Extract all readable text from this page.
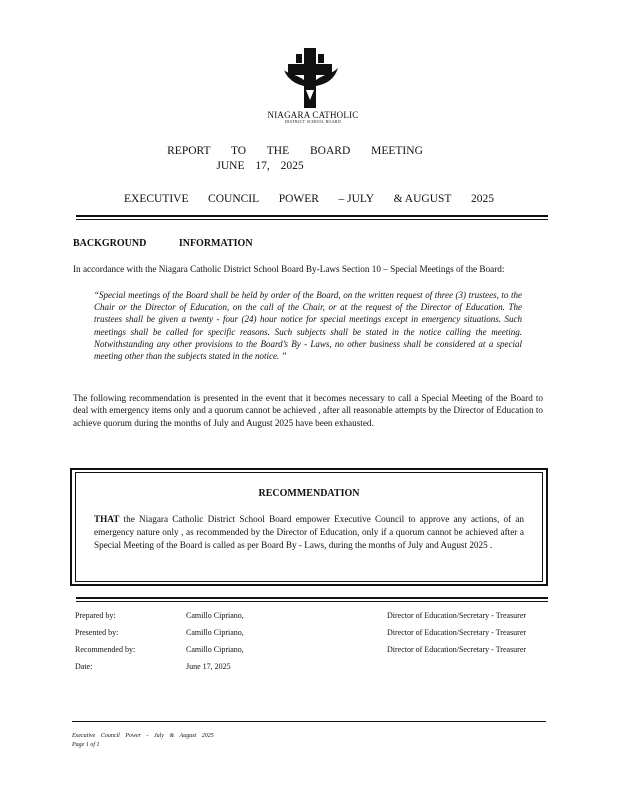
NIAGARA CATHOLIC
DISTRICT SCHOOL BOARD
REPORT TO THE BOARD MEETING
JUNE 17, 2025
EXECUTIVE COUNCIL POWER – JULY & AUGUST 2025
BACKGROUND INFORMATION
In accordance with the Niagara Catholic District School Board By-Laws Section 10 – Special Meetings of the Board:
“Special meetings of the Board shall be held by order of the Board, on the written request of three (3) trustees, to the Chair or the Director of Education, on the call of the Chair, or at the request of the Director of Education. The trustees shall be given a twenty - four (24) hour notice for special meetings except in emergency situations. Such meetings shall be called for specific reasons. Such subjects shall be stated in the notice calling the meeting. Notwithstanding any other provisions to the Board’s By - Laws, no other business shall be considered at a special meeting other than the subjects stated in the notice. ”
The following recommendation is presented in the event that it becomes necessary to call a Special Meeting of the Board to deal with emergency items only and a quorum cannot be achieved , after all reasonable attempts by the Director of Education to achieve quorum during the months of July and August 2025 have been exhausted.
RECOMMENDATION
THAT the Niagara Catholic District School Board empower Executive Council to approve any actions, of an emergency nature only , as recommended by the Director of Education, only if a quorum cannot be achieved after a Special Meeting of the Board is called as per Board By - Laws, during the months of July and August 2025 .
Prepared by:	Camillo Cipriano,	Director of Education/Secretary - Treasurer
Presented by:	Camillo Cipriano,	Director of Education/Secretary - Treasurer
Recommended by:	Camillo Cipriano,	Director of Education/Secretary - Treasurer
Date:	June 17, 2025
Executive Council Power - July & August 2025
Page 1 of 1
